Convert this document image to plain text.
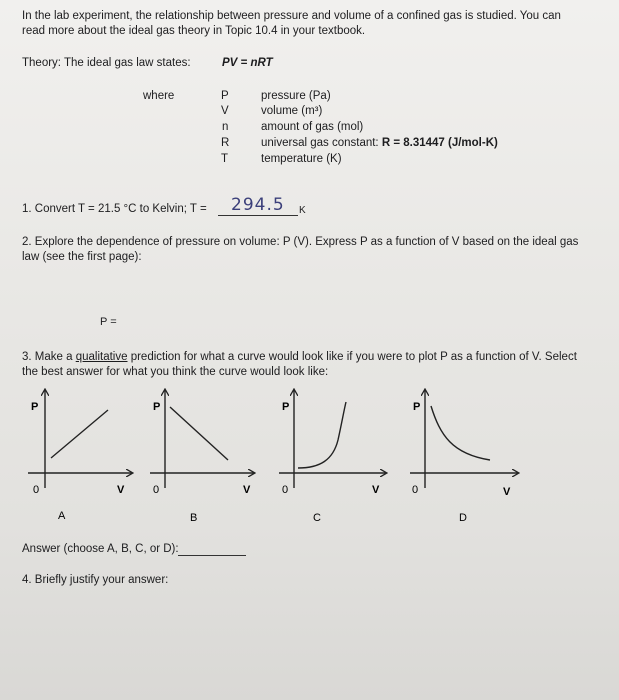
In the lab experiment, the relationship between pressure and volume of a confined gas is studied. You can
read more about the ideal gas theory in Topic 10.4 in your textbook.
Theory: The ideal gas law states:	PV = nRT
where	P
V
n
R
T
pressure (Pa)
volume (m³)
amount of gas (mol)
universal gas constant: R = 8.31447 (J/mol-K)
temperature (K)
1. Convert T = 21.5 °C to Kelvin; T = 294.5 K
2. Explore the dependence of pressure on volume: P (V). Express P as a function of V based on the ideal gas
law (see the first page):
P =
3. Make a qualitative prediction for what a curve would look like if you were to plot P as a function of V. Select
the best answer for what you think the curve would look like:
P
V
0
A
P
V
0
B
P
V
0
C
P
V
0
D
Answer (choose A, B, C, or D):
4. Briefly justify your answer:
